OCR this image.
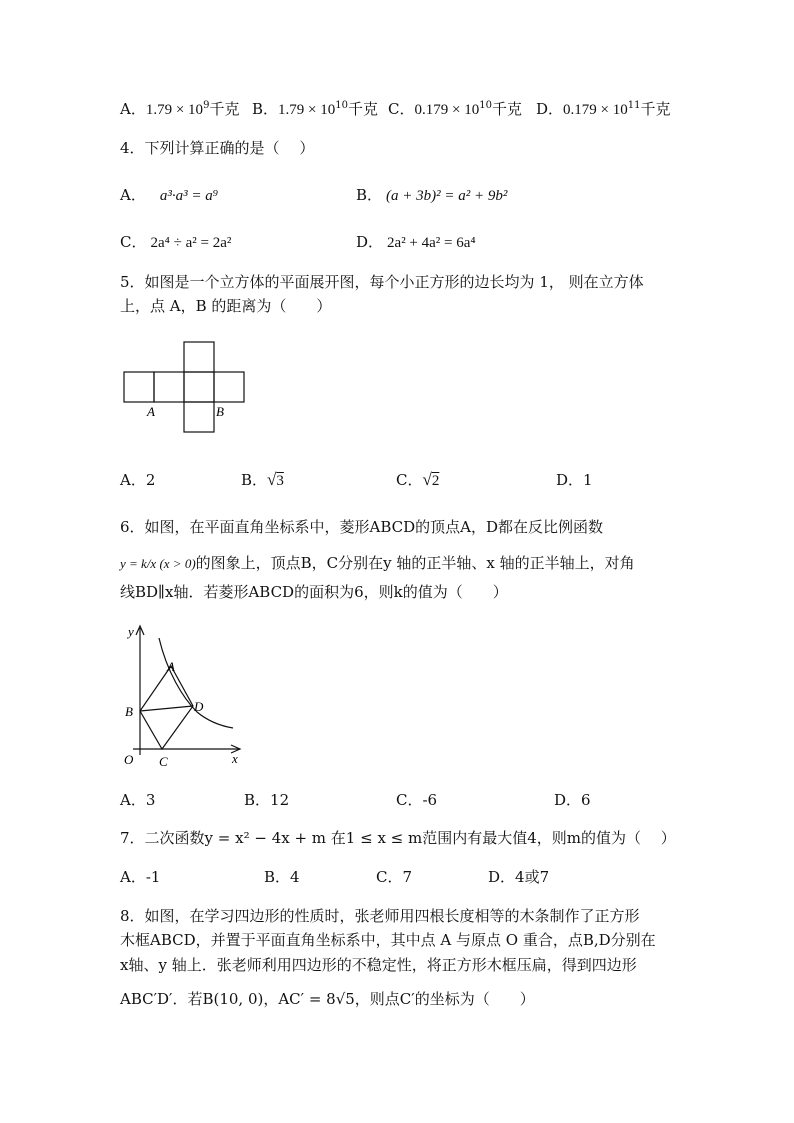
A．$1.79 \times 10^9$千克 B．$1.79 \times 10^{10}$千克 C．$0.179 \times 10^{10}$千克 D．$0.179 \times 10^{11}$千克
4．下列计算正确的是（　 ）
A． a³·a³ = a⁹	B． (a + 3b)² = a² + 9b²
C． 2a⁴ ÷ a² = 2a²	D． 2a² + 4a² = 6a⁴
5．如图是一个立方体的平面展开图，每个小正方形的边长均为 1， 则在立方体
上，点 A，B 的距离为（　　）
A	B
A．2	B．√3	C．√2	D．1
6．如图，在平面直角坐标系中，菱形ABCD的顶点A，D都在反比例函数
y = k/x (x > 0)的图象上，顶点B，C分别在y 轴的正半轴、x 轴的正半轴上，对角
线BD∥x轴．若菱形ABCD的面积为6，则k的值为（　　）
y
x
O
A
B
C
D
A．3	B．12	C．-6	D．6
7．二次函数y = x² − 4x + m 在1 ≤ x ≤ m范围内有最大值4，则m的值为（　 ）
A．-1	B．4	C．7	D．4或7
8．如图，在学习四边形的性质时，张老师用四根长度相等的木条制作了正方形
木框ABCD，并置于平面直角坐标系中，其中点 A 与原点 O 重合，点B,D分别在
x轴、y 轴上．张老师利用四边形的不稳定性，将正方形木框压扁，得到四边形
ABC′D′．若B(10, 0)，AC′ = 8√5，则点C′的坐标为（　　）
